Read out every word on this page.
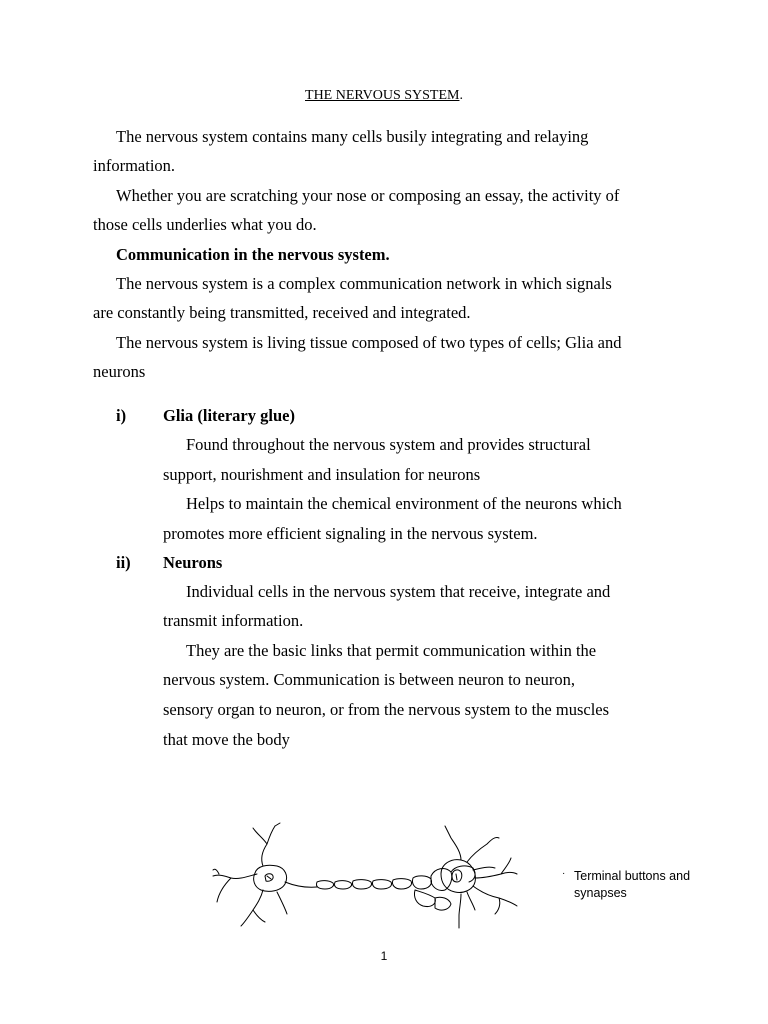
THE NERVOUS SYSTEM.
The nervous system contains many cells busily integrating and relaying
information.
Whether you are scratching your nose or composing an essay, the activity of
those cells underlies what you do.
Communication in the nervous system.
The nervous system is a complex communication network in which signals
are constantly being transmitted, received and integrated.
The nervous system is living tissue composed of two types of cells; Glia and
neurons
i) Glia (literary glue)
Found throughout the nervous system and provides structural
support, nourishment and insulation for neurons
Helps to maintain the chemical environment of the neurons which
promotes more efficient signaling in the nervous system.
ii) Neurons
Individual cells in the nervous system that receive, integrate and
transmit information.
They are the basic links that permit communication within the
nervous system. Communication is between neuron to neuron,
sensory organ to neuron, or from the nervous system to the muscles
that move the body
· Terminal buttons and synapses
1
